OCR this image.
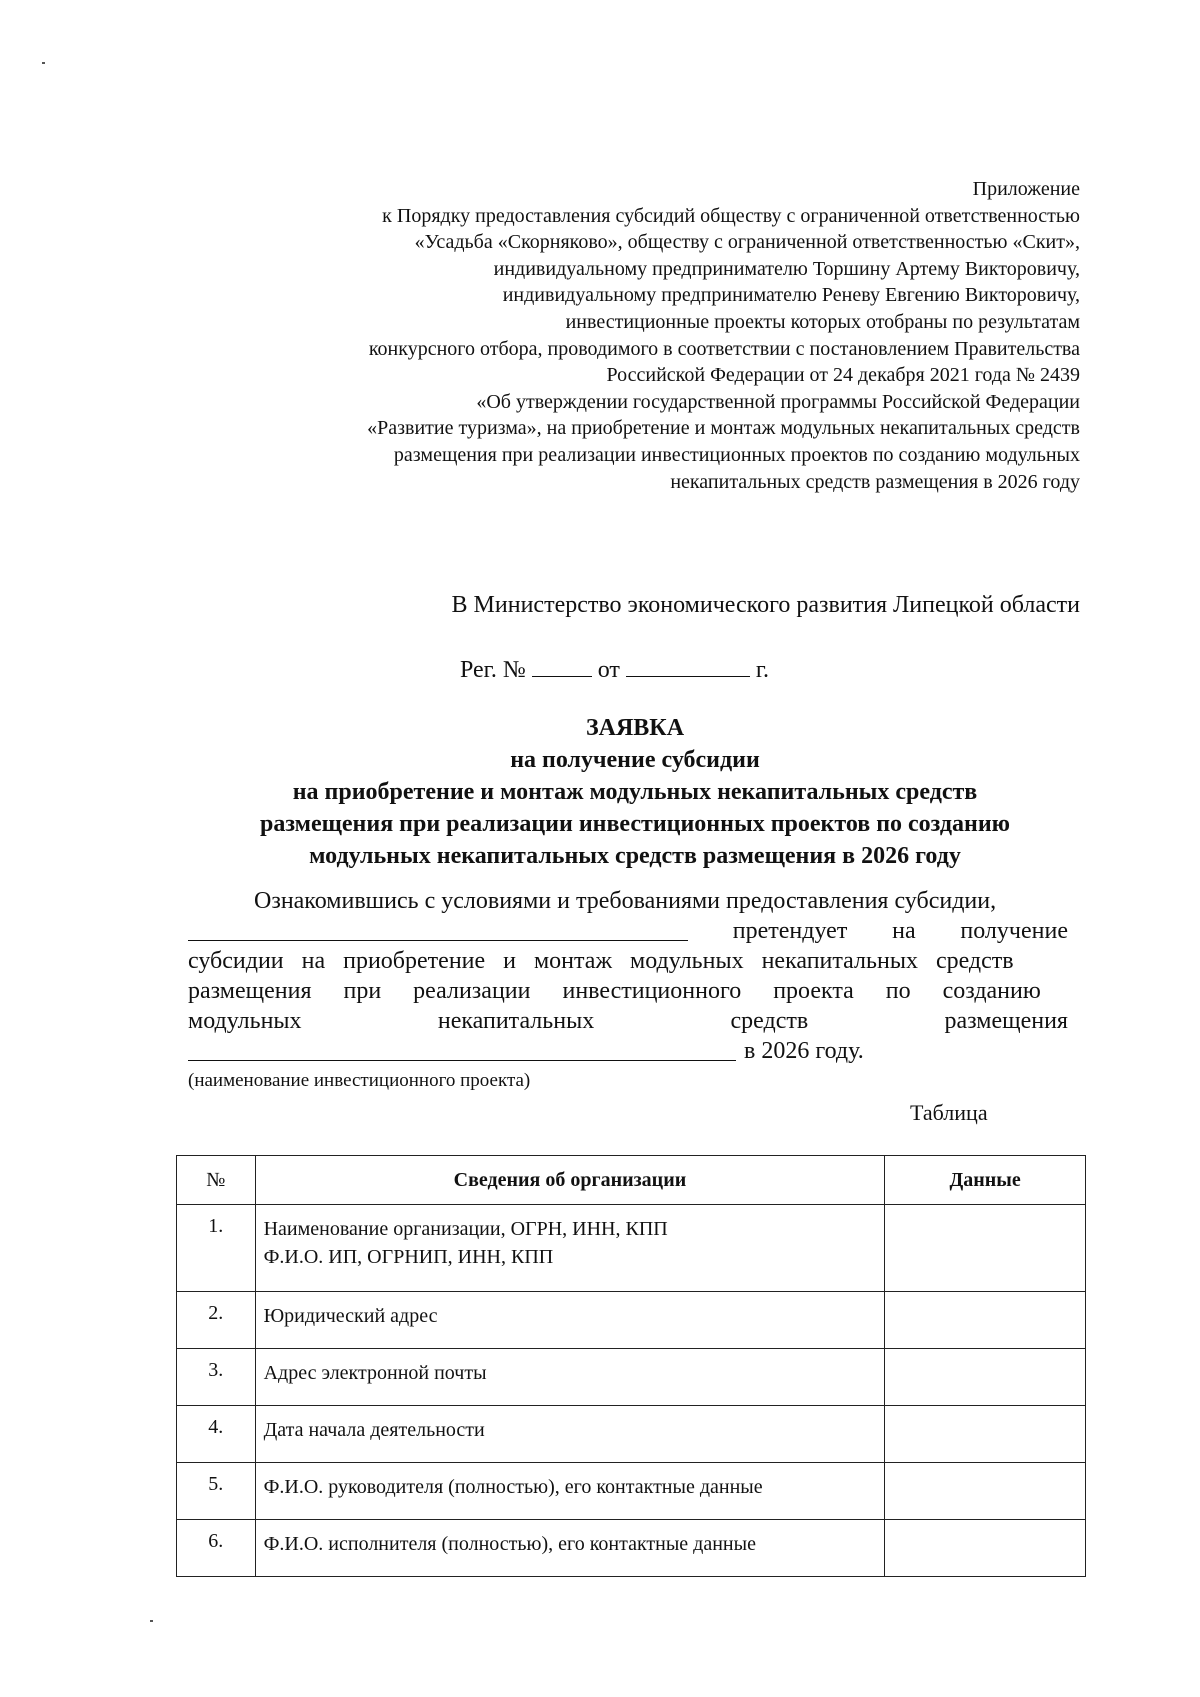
Приложение
к Порядку предоставления субсидий обществу с ограниченной ответственностью
«Усадьба «Скорняково», обществу с ограниченной ответственностью «Скит»,
индивидуальному предпринимателю Торшину Артему Викторовичу,
индивидуальному предпринимателю Реневу Евгению Викторовичу,
инвестиционные проекты которых отобраны по результатам
конкурсного отбора, проводимого в соответствии с постановлением Правительства
Российской Федерации от 24 декабря 2021 года № 2439
«Об утверждении государственной программы Российской Федерации
«Развитие туризма», на приобретение и монтаж модульных некапитальных средств
размещения при реализации инвестиционных проектов по созданию модульных
некапитальных средств размещения в 2026 году
В Министерство экономического развития Липецкой области
Рег. №	от	г.
ЗАЯВКА
на получение субсидии
на приобретение и монтаж модульных некапитальных средств
размещения при реализации инвестиционных проектов по созданию
модульных некапитальных средств размещения в 2026 году
Ознакомившись с условиями и требованиями предоставления субсидии,
претендует на получение
субсидии на приобретение и монтаж модульных некапитальных средств
размещения при реализации инвестиционного проекта по созданию
модульных	некапитальных	средств	размещения
в 2026 году.
(наименование инвестиционного проекта)
Таблица
№	Сведения об организации	Данные
1.	Наименование организации, ОГРН, ИНН, КПП
Ф.И.О. ИП, ОГРНИП, ИНН, КПП	

2.	Юридический адрес	
3.	Адрес электронной почты	
4.	Дата начала деятельности	
5.	Ф.И.О. руководителя (полностью), его контактные данные	
6.	Ф.И.О. исполнителя (полностью), его контактные данные	
